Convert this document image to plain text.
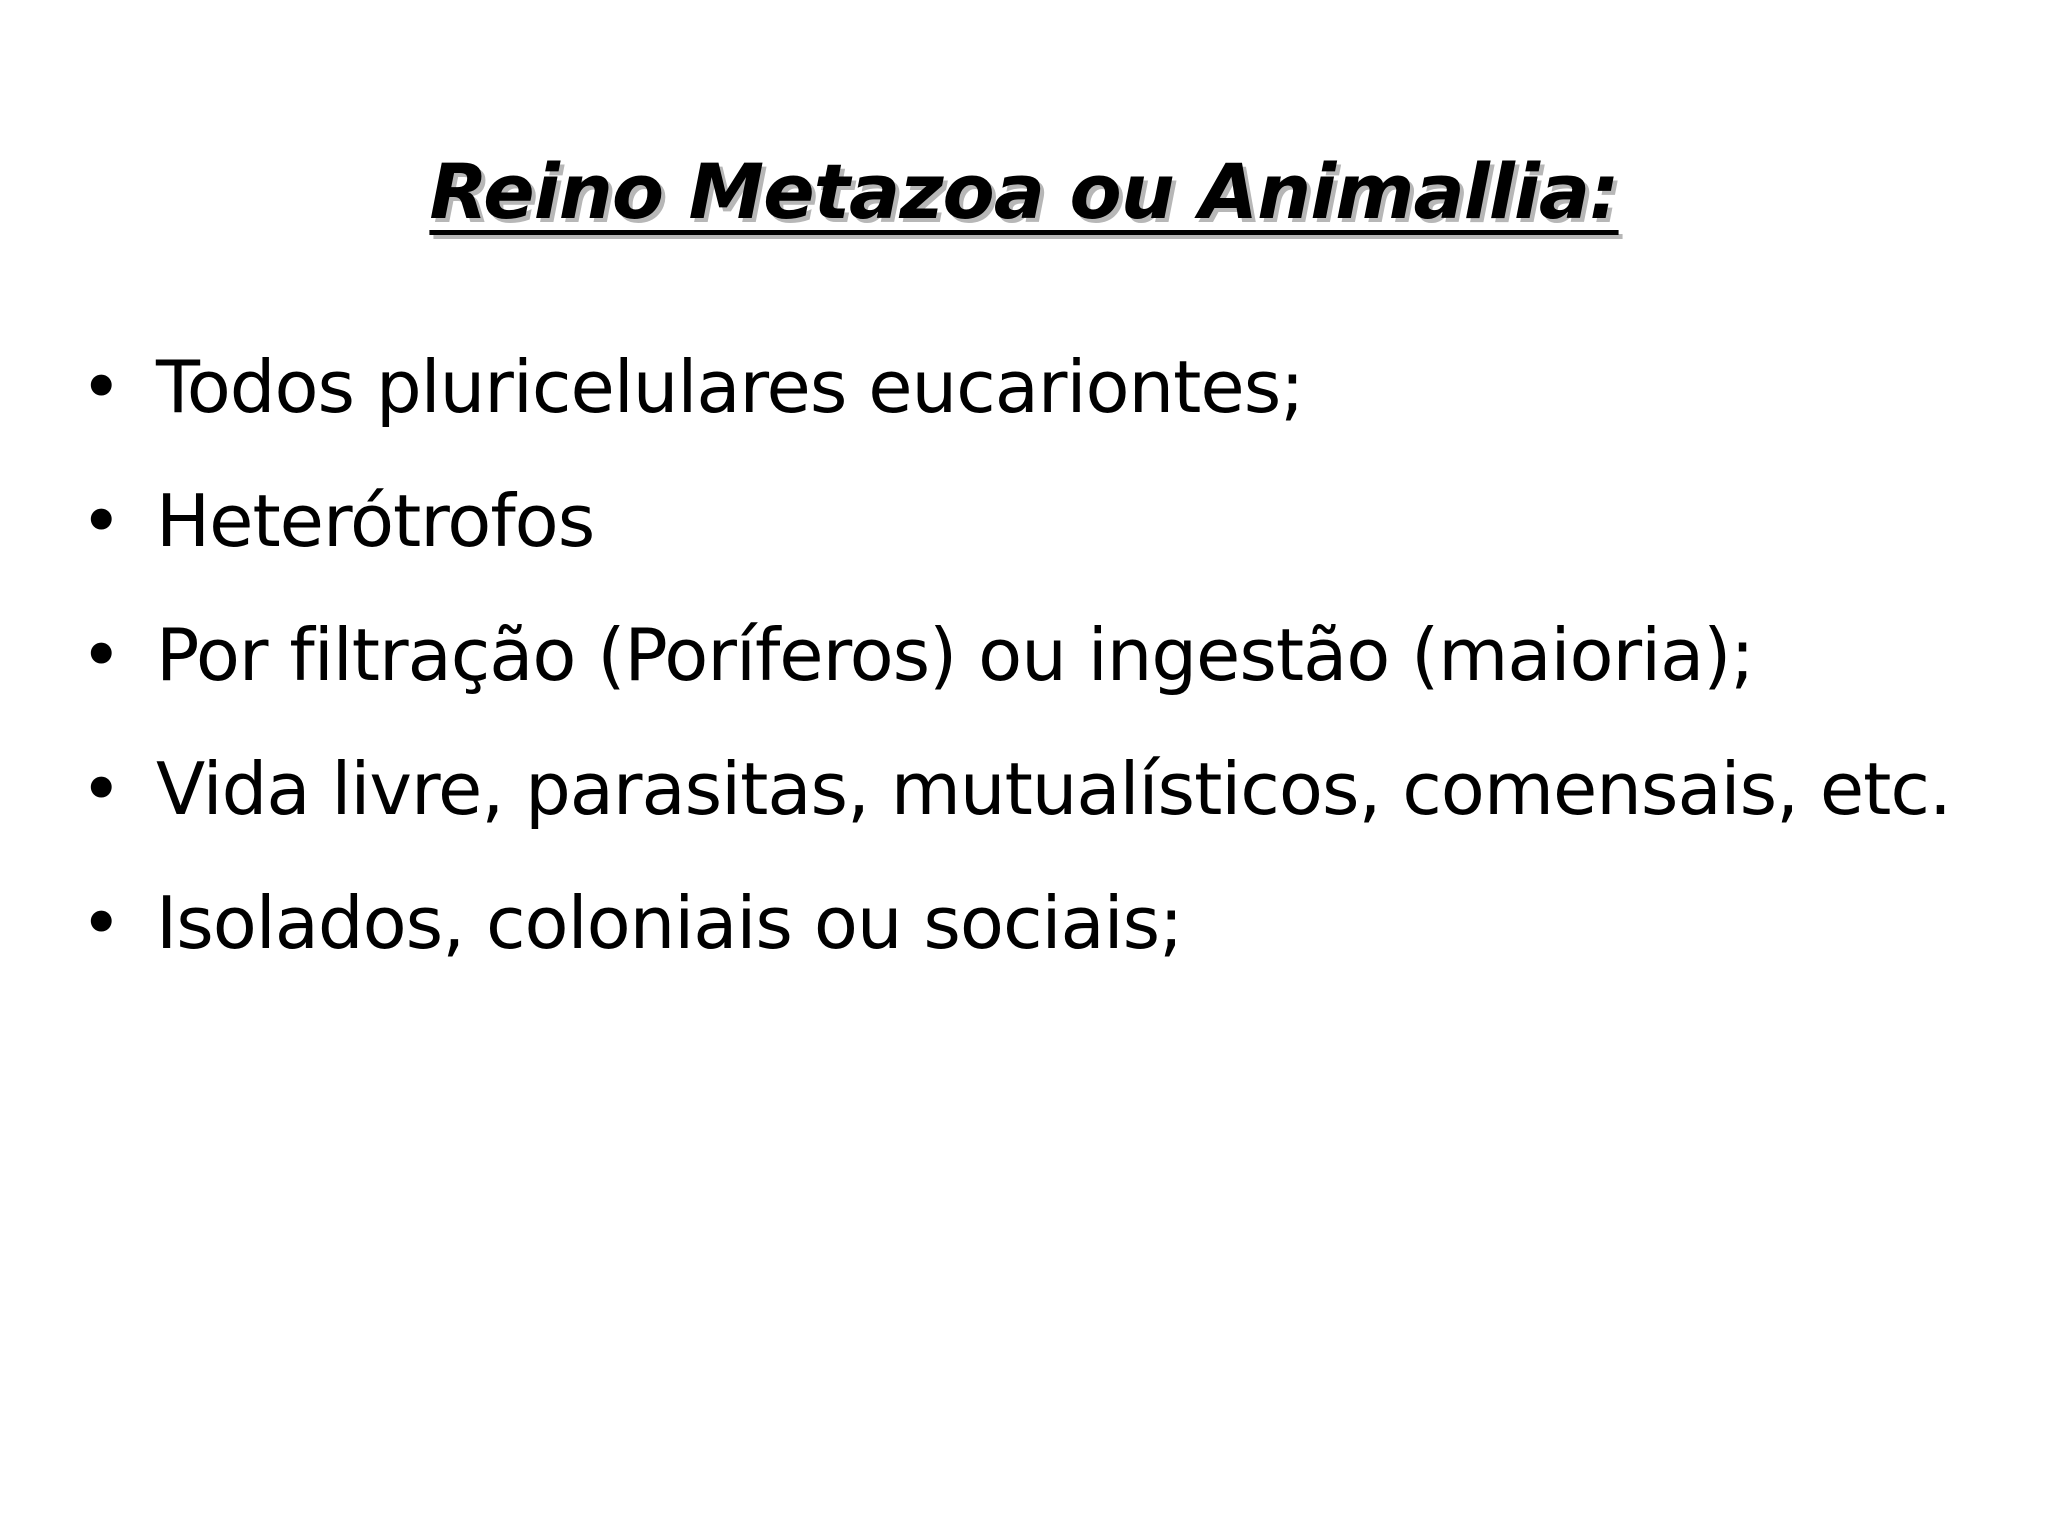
Reino Metazoa ou Animallia:
• Todos pluricelulares eucariontes;
• Heterótrofos
• Por filtração (Poríferos) ou ingestão (maioria);
• Vida livre, parasitas, mutualísticos, comensais, etc.
• Isolados, coloniais ou sociais;
